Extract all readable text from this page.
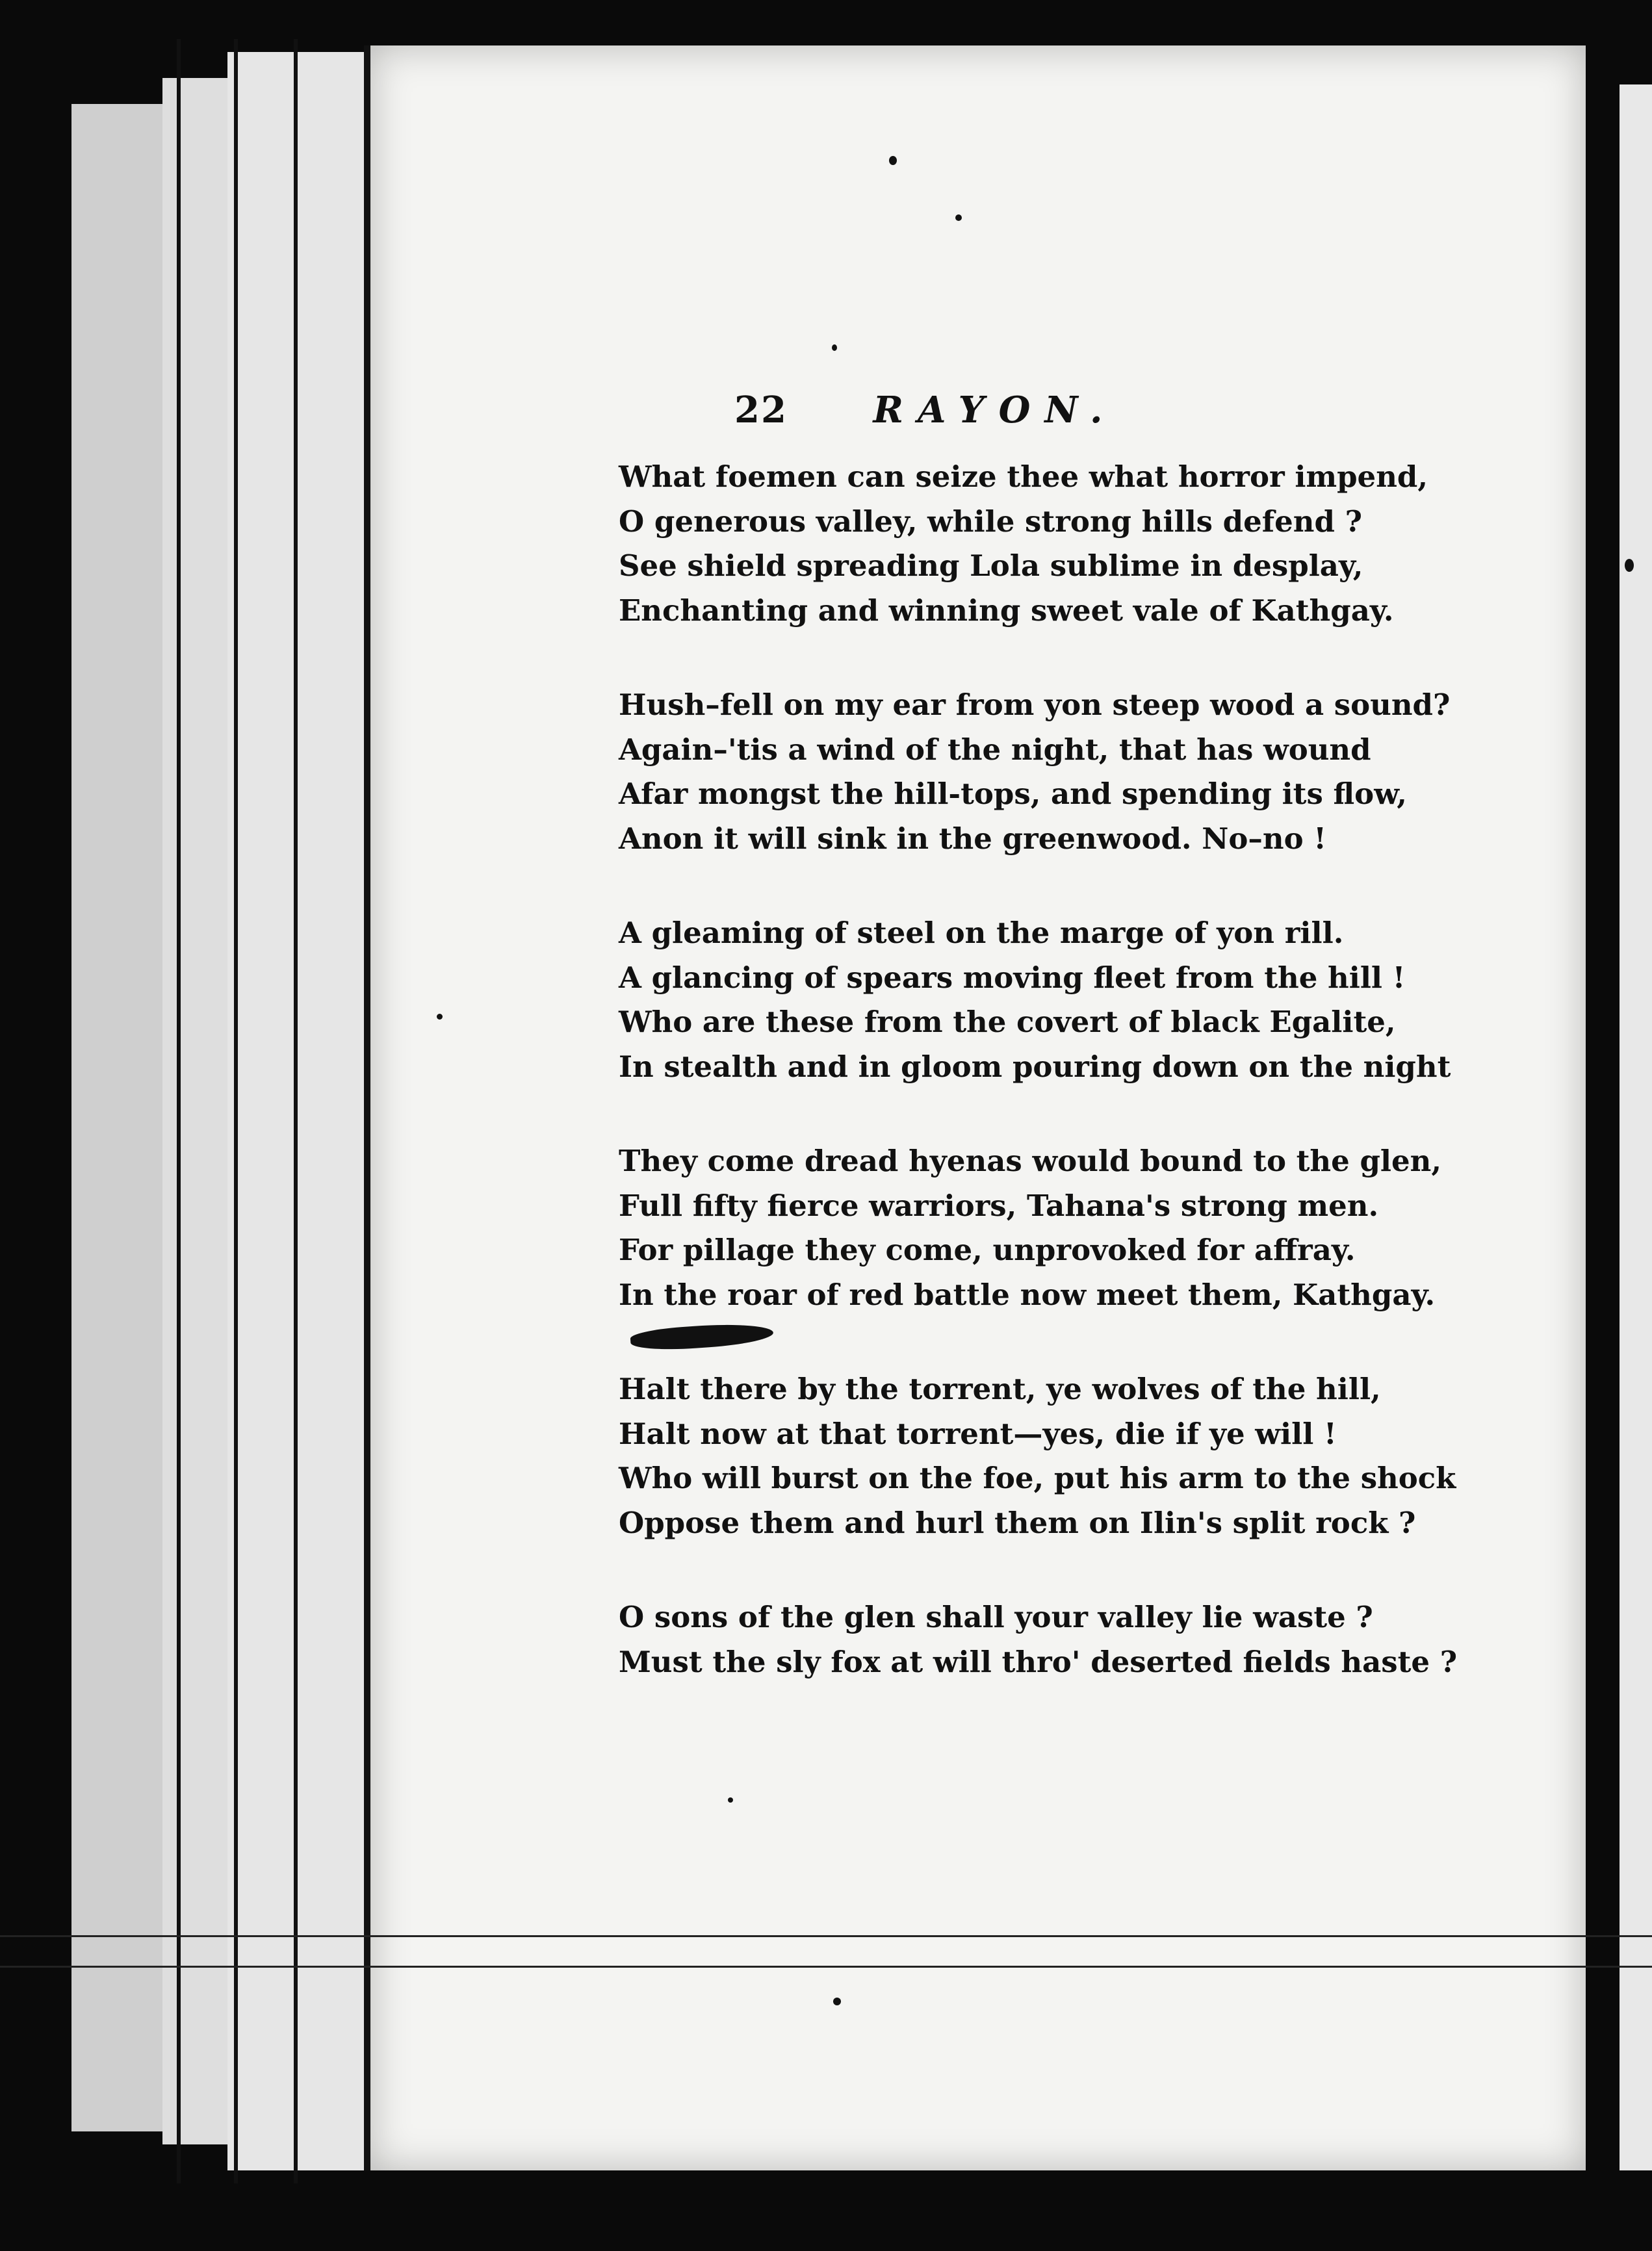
22 RAYON.
What foemen can seize thee what horror impend,
O generous valley, while strong hills defend ?
See shield spreading Lola sublime in desplay,
Enchanting and winning sweet vale of Kathgay.
Hush–fell on my ear from yon steep wood a sound?
Again–'tis a wind of the night, that has wound
Afar mongst the hill-tops, and spending its flow,
Anon it will sink in the greenwood. No–no !
A gleaming of steel on the marge of yon rill.
A glancing of spears moving fleet from the hill !
Who are these from the covert of black Egalite,
In stealth and in gloom pouring down on the night
They come dread hyenas would bound to the glen,
Full fifty fierce warriors, Tahana's strong men.
For pillage they come, unprovoked for affray.
In the roar of red battle now meet them, Kathgay.
Halt there by the torrent, ye wolves of the hill,
Halt now at that torrent—yes, die if ye will !
Who will burst on the foe, put his arm to the shock
Oppose them and hurl them on Ilin's split rock ?
O sons of the glen shall your valley lie waste ?
Must the sly fox at will thro' deserted fields haste ?
